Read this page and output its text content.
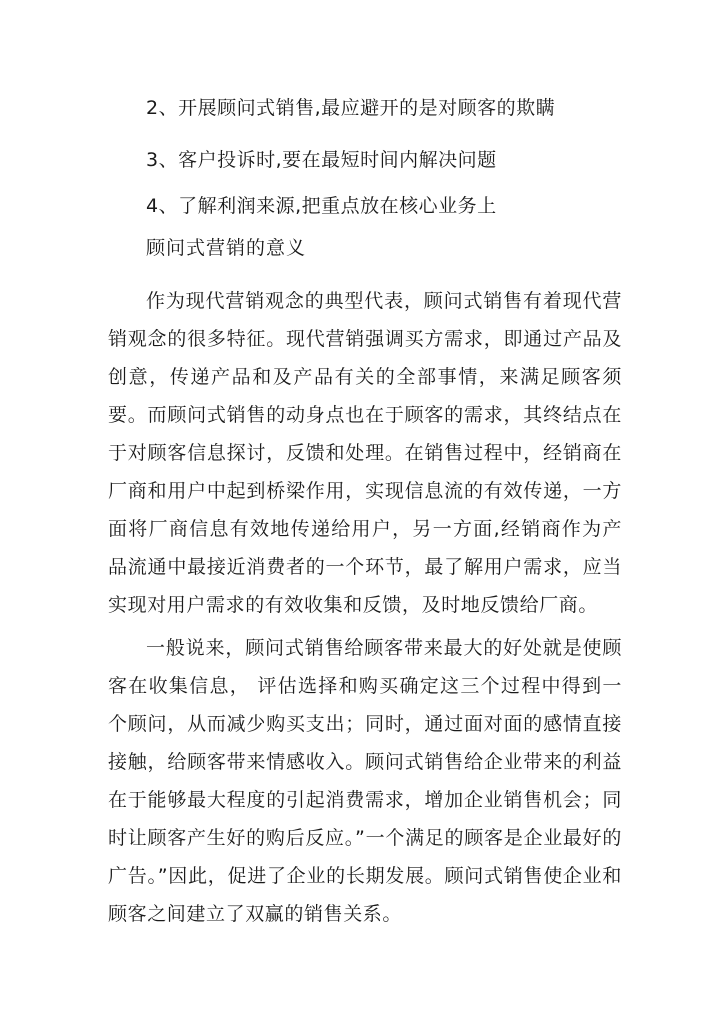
2、开展顾问式销售,最应避开的是对顾客的欺瞒
3、客户投诉时,要在最短时间内解决问题
4、了解利润来源,把重点放在核心业务上
顾问式营销的意义

作为现代营销观念的典型代表，顾问式销售有着现代营销观念的很多特征。现代营销强调买方需求，即通过产品及创意，传递产品和及产品有关的全部事情，来满足顾客须要。而顾问式销售的动身点也在于顾客的需求，其终结点在于对顾客信息探讨，反馈和处理。在销售过程中，经销商在厂商和用户中起到桥梁作用，实现信息流的有效传递，一方面将厂商信息有效地传递给用户，另一方面,经销商作为产品流通中最接近消费者的一个环节，最了解用户需求，应当实现对用户需求的有效收集和反馈，及时地反馈给厂商。

一般说来，顾问式销售给顾客带来最大的好处就是使顾客在收集信息， 评估选择和购买确定这三个过程中得到一个顾问，从而减少购买支出；同时，通过面对面的感情直接接触，给顾客带来情感收入。顾问式销售给企业带来的利益在于能够最大程度的引起消费需求，增加企业销售机会；同时让顾客产生好的购后反应。”一个满足的顾客是企业最好的广告。”因此，促进了企业的长期发展。顾问式销售使企业和顾客之间建立了双赢的销售关系。
